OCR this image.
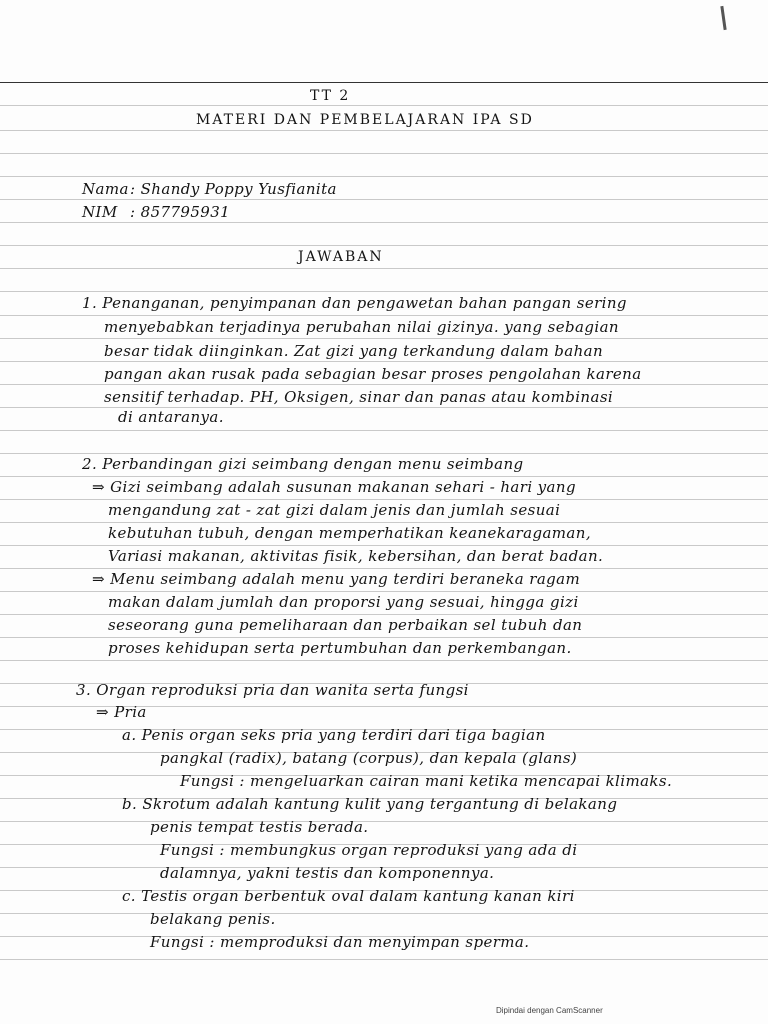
TT 2
MATERI DAN PEMBELAJARAN IPA SD
Nama : Shandy Poppy Yusfianita
NIM : 857795931
JAWABAN
1. Penanganan, penyimpanan dan pengawetan bahan pangan sering
menyebabkan terjadinya perubahan nilai gizinya. yang sebagian
besar tidak diinginkan. Zat gizi yang terkandung dalam bahan
pangan akan rusak pada sebagian besar proses pengolahan karena
sensitif terhadap. PH, Oksigen, sinar dan panas atau kombinasi
di antaranya.
2. Perbandingan gizi seimbang dengan menu seimbang
⇒ Gizi seimbang adalah susunan makanan sehari - hari yang
mengandung zat - zat gizi dalam jenis dan jumlah sesuai
kebutuhan tubuh, dengan memperhatikan keanekaragaman,
Variasi makanan, aktivitas fisik, kebersihan, dan berat badan.
⇒ Menu seimbang adalah menu yang terdiri beraneka ragam
makan dalam jumlah dan proporsi yang sesuai, hingga gizi
seseorang guna pemeliharaan dan perbaikan sel tubuh dan
proses kehidupan serta pertumbuhan dan perkembangan.
3. Organ reproduksi pria dan wanita serta fungsi
⇒ Pria
a. Penis organ seks pria yang terdiri dari tiga bagian
pangkal (radix), batang (corpus), dan kepala (glans)
Fungsi : mengeluarkan cairan mani ketika mencapai klimaks.
b. Skrotum adalah kantung kulit yang tergantung di belakang
penis tempat testis berada.
Fungsi : membungkus organ reproduksi yang ada di
dalamnya, yakni testis dan komponennya.
c. Testis organ berbentuk oval dalam kantung kanan kiri
belakang penis.
Fungsi : memproduksi dan menyimpan sperma.
Dipindai dengan CamScanner
